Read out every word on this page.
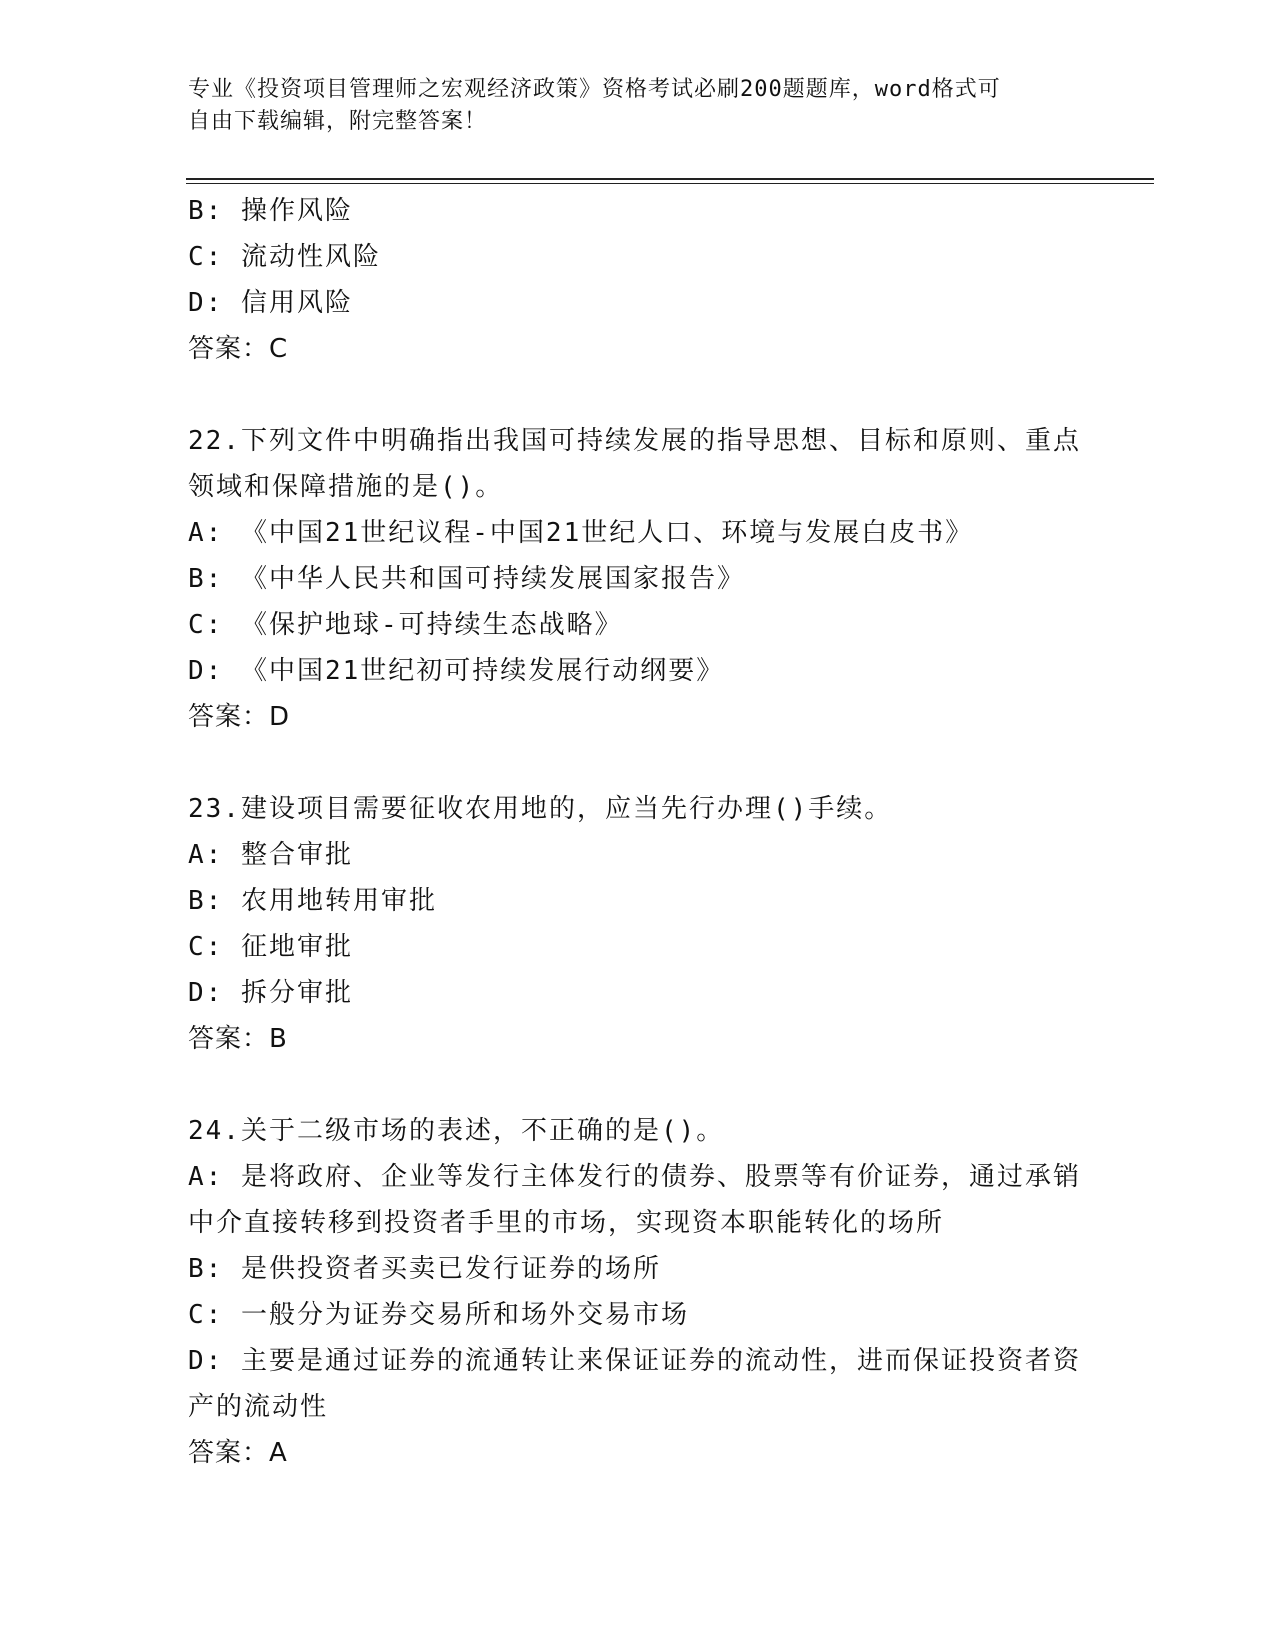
专业《投资项目管理师之宏观经济政策》资格考试必刷200题题库，word格式可
自由下载编辑，附完整答案！
B: 操作风险
C: 流动性风险
D: 信用风险
答案：C
22.下列文件中明确指出我国可持续发展的指导思想、目标和原则、重点领域和保障措施的是()。
A: 《中国21世纪议程-中国21世纪人口、环境与发展白皮书》
B: 《中华人民共和国可持续发展国家报告》
C: 《保护地球-可持续生态战略》
D: 《中国21世纪初可持续发展行动纲要》
答案：D
23.建设项目需要征收农用地的，应当先行办理()手续。
A: 整合审批
B: 农用地转用审批
C: 征地审批
D: 拆分审批
答案：B
24.关于二级市场的表述，不正确的是()。
A: 是将政府、企业等发行主体发行的债券、股票等有价证券，通过承销中介直接转移到投资者手里的市场，实现资本职能转化的场所
B: 是供投资者买卖已发行证券的场所
C: 一般分为证券交易所和场外交易市场
D: 主要是通过证券的流通转让来保证证券的流动性，进而保证投资者资产的流动性
答案：A
